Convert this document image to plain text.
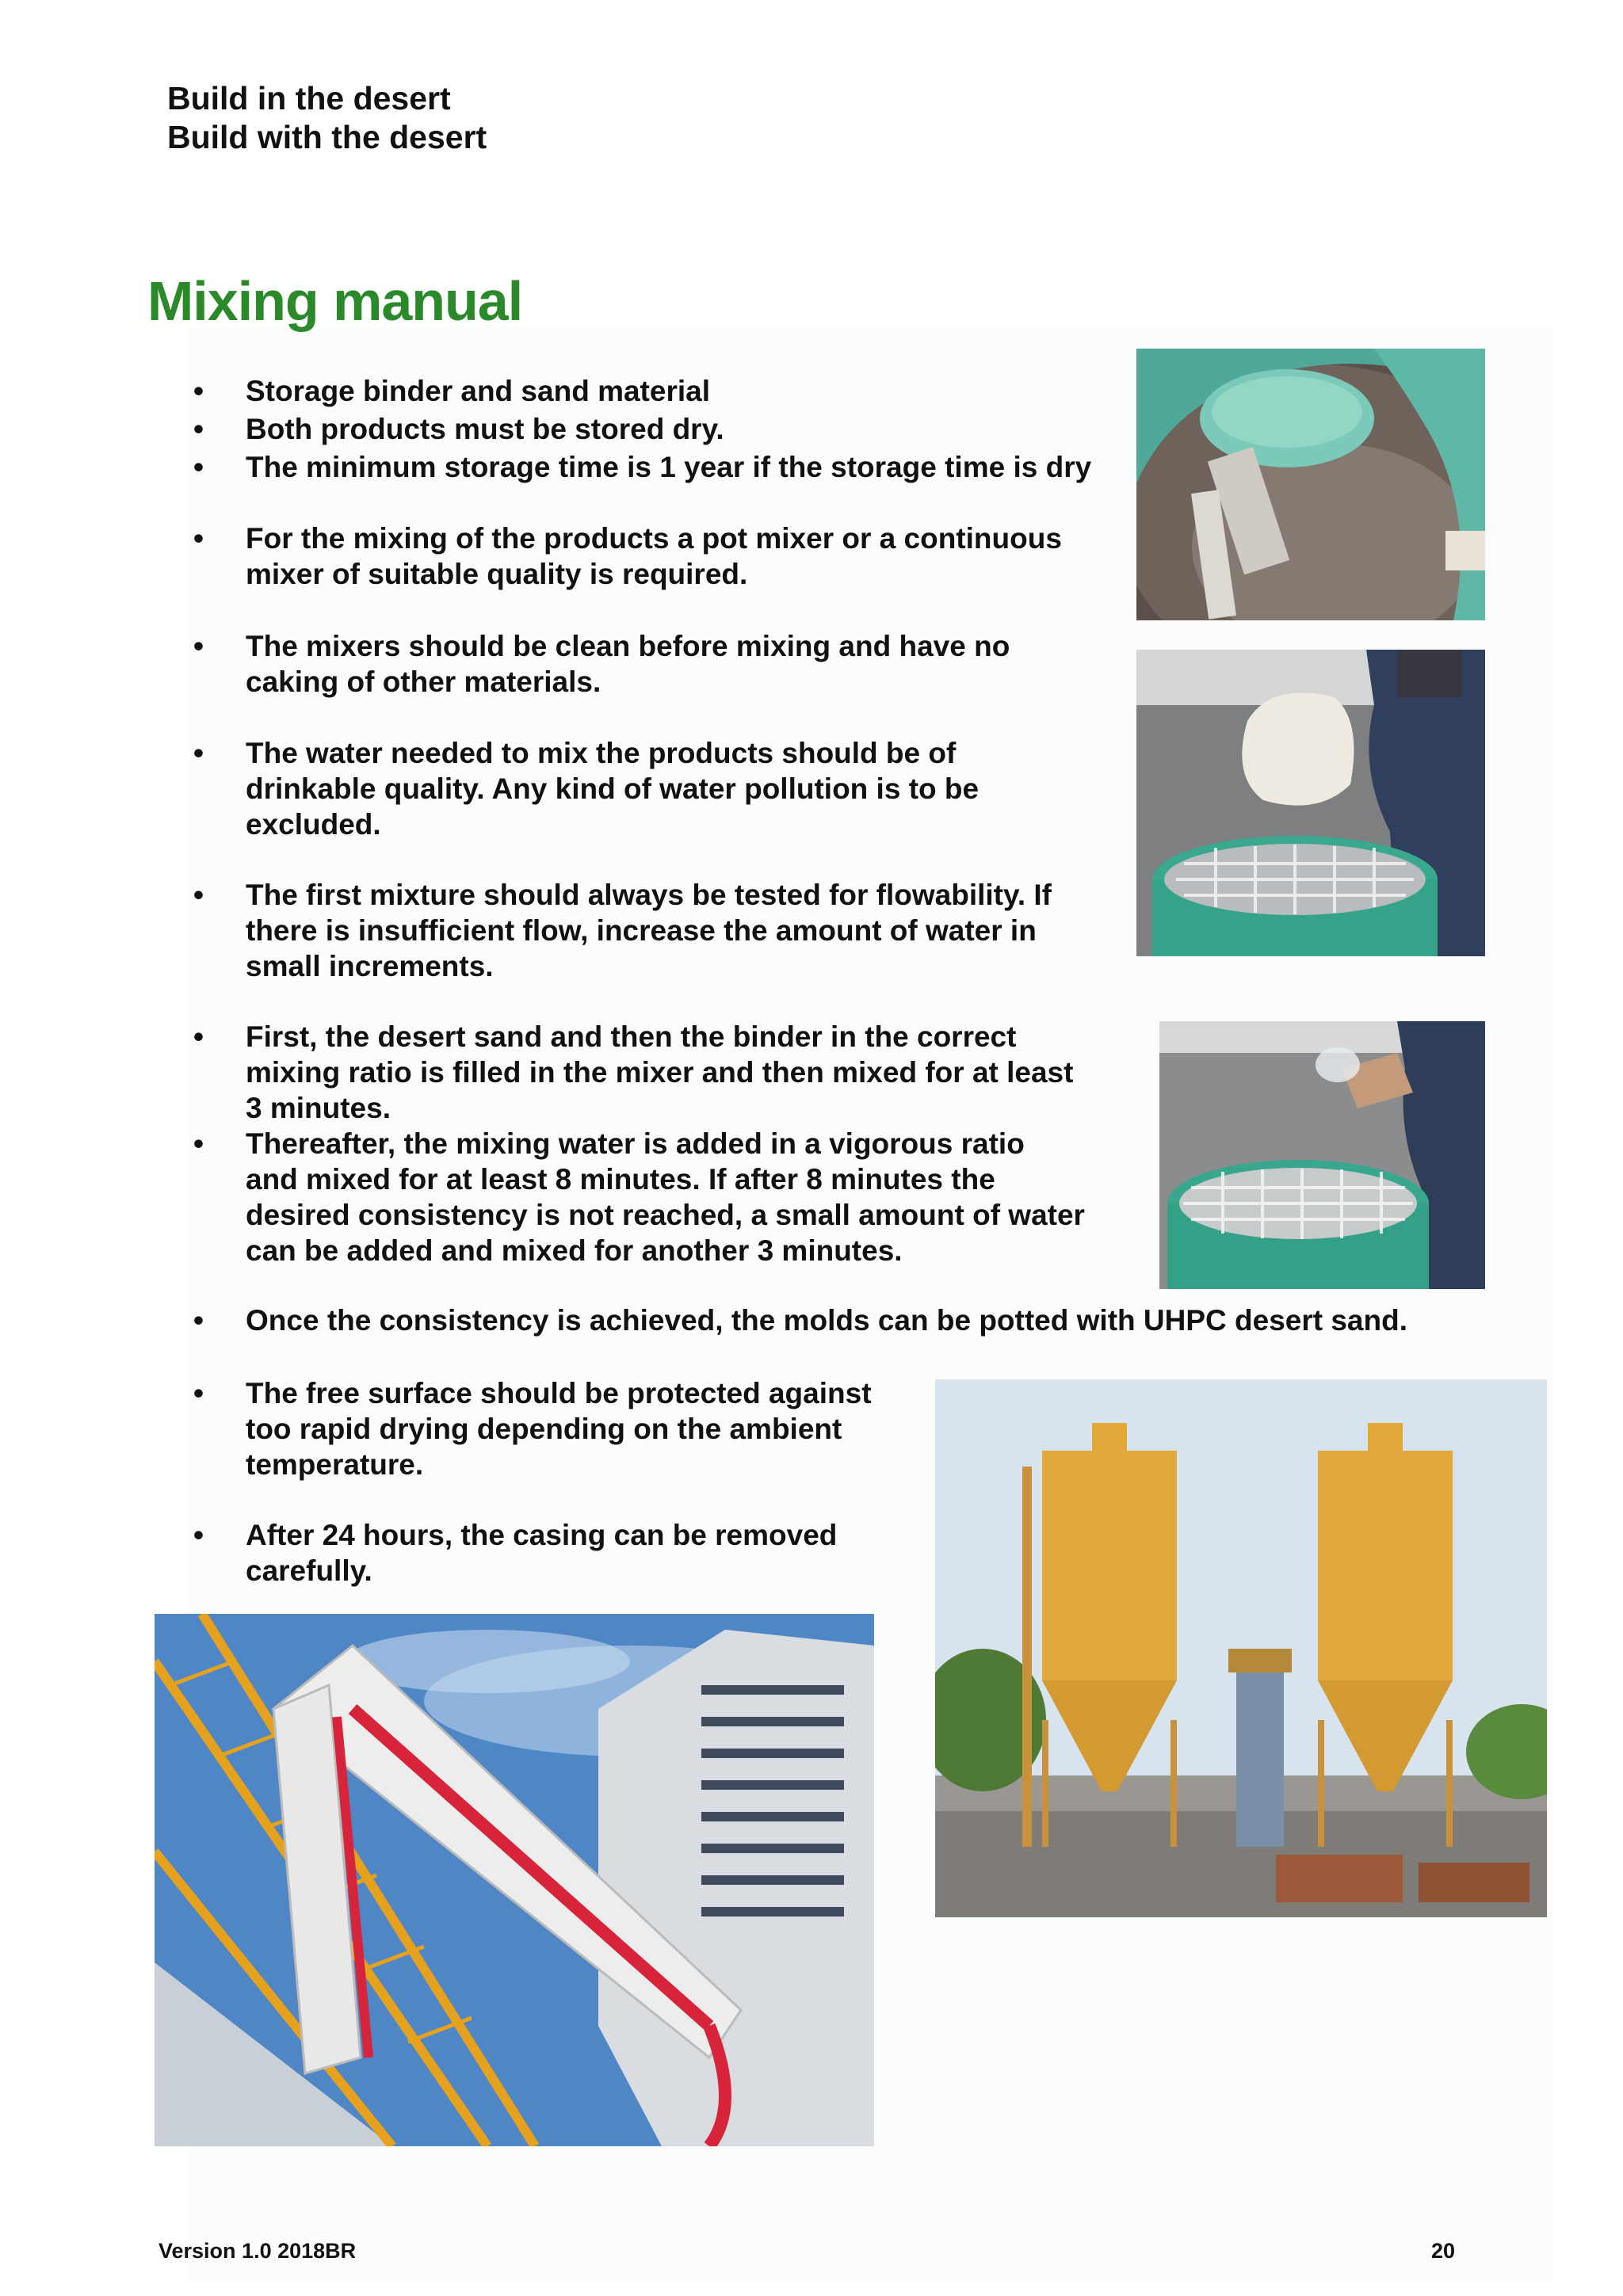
Build in the desert
Build with the desert
Mixing manual
•	Storage binder and sand material
•	Both products must be stored dry.
•	The minimum storage time is 1 year if the storage time is dry
•	For the mixing of the products a pot mixer or a continuous
mixer of suitable quality is required.
•	The mixers should be clean before mixing and have no
caking of other materials.
•	The water needed to mix the products should be of
drinkable quality. Any kind of water pollution is to be
excluded.
•	The first mixture should always be tested for flowability. If
there is insufficient flow, increase the amount of water in
small increments.
•	First, the desert sand and then the binder in the correct
mixing ratio is filled in the mixer and then mixed for at least
3 minutes.
•	Thereafter, the mixing water is added in a vigorous ratio
and mixed for at least 8 minutes. If after 8 minutes the
desired consistency is not reached, a small amount of water
can be added and mixed for another 3 minutes.
•	Once the consistency is achieved, the molds can be potted with UHPC desert sand.
•	The free surface should be protected against
too rapid drying depending on the ambient
temperature.
•	After 24 hours, the casing can be removed
carefully.
Version 1.0 2018BR	20
